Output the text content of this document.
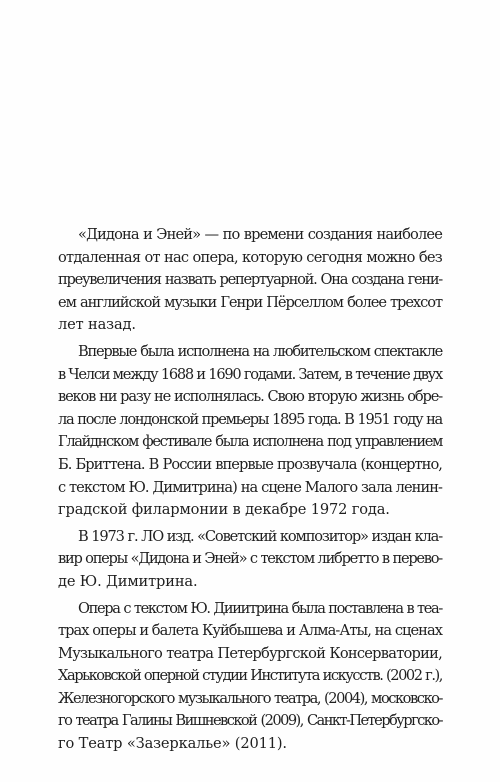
«Дидона и Эней» — по времени создания наиболее
отдаленная от нас опера, которую сегодня можно без
преувеличения назвать репертуарной. Она создана гени-
ем английской музыки Генри Пёрселлом более трехсот
лет назад.
Впервые была исполнена на любительском спектакле
в Челси между 1688 и 1690 годами. Затем, в течение двух
веков ни разу не исполнялась. Свою вторую жизнь обре-
ла после лондонской премьеры 1895 года. В 1951 году на
Глайднском фестивале была исполнена под управлением
Б. Бриттена. В России впервые прозвучала (концертно,
с текстом Ю. Димитрина) на сцене Малого зала ленин-
градской филармонии в декабре 1972 года.
В 1973 г. ЛО изд. «Советский композитор» издан кла-
вир оперы «Дидона и Эней» с текстом либретто в перево-
де Ю. Димитрина.
Опера с текстом Ю. Дииитрина была поставлена в теа-
трах оперы и балета Куйбышева и Алма-Аты, на сценах
Музыкального театра Петербургской Консерватории,
Харьковской оперной студии Института искусств. (2002 г.),
Железногорского музыкального театра, (2004), московско-
го театра Галины Вишневской (2009), Санкт-Петербургско-
го Театр «Зазеркалье» (2011).
